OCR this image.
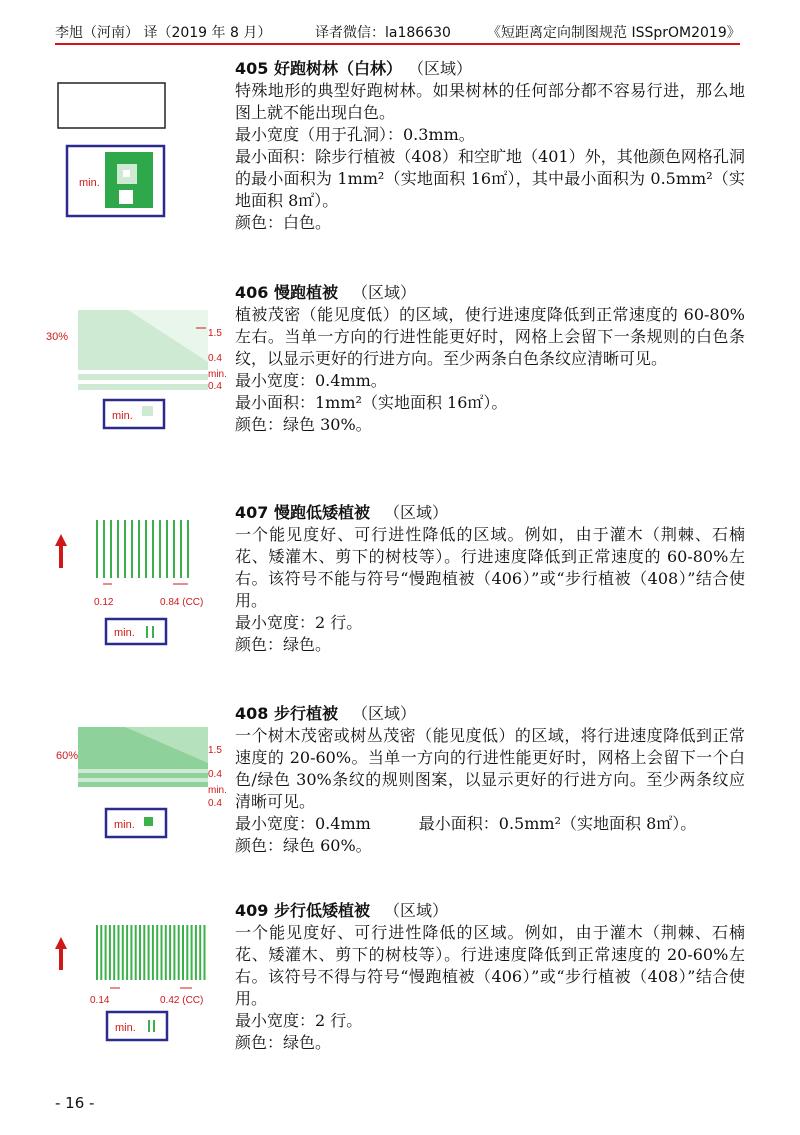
李旭（河南） 译（2019 年 8 月）	译者微信：la186630	《短距离定向制图规范 ISSprOM2019》
min.
405 好跑树林（白林） （区域）
特殊地形的典型好跑树林。如果树林的任何部分都不容易行进，那么地图上就不能出现白色。
最小宽度（用于孔洞）：0.3mm。
最小面积：除步行植被（408）和空旷地（401）外，其他颜色网格孔洞的最小面积为 1mm²（实地面积 16㎡），其中最小面积为 0.5mm²（实地面积 8㎡）。
颜色：白色。
30%	1.5
0.4
min.
0.4
min.
406 慢跑植被 （区域）
植被茂密（能见度低）的区域，使行进速度降低到正常速度的 60-80%左右。当单一方向的行进性能更好时，网格上会留下一条规则的白色条纹，以显示更好的行进方向。至少两条白色条纹应清晰可见。
最小宽度：0.4mm。
最小面积：1mm²（实地面积 16㎡）。
颜色：绿色 30%。
0.12	0.84 (CC)
min.
407 慢跑低矮植被 （区域）
一个能见度好、可行进性降低的区域。例如，由于灌木（荆棘、石楠花、矮灌木、剪下的树枝等）。行进速度降低到正常速度的 60-80%左右。该符号不能与符号“慢跑植被（406）”或“步行植被（408）”结合使用。
最小宽度：2 行。
颜色：绿色。
60%	1.5
0.4
min.
0.4
min.
408 步行植被 （区域）
一个树木茂密或树丛茂密（能见度低）的区域，将行进速度降低到正常速度的 20-60%。当单一方向的行进性能更好时，网格上会留下一个白色/绿色 30%条纹的规则图案，以显示更好的行进方向。至少两条纹应清晰可见。
最小宽度：0.4mm　　　最小面积：0.5mm²（实地面积 8㎡）。
颜色：绿色 60%。
0.14	0.42 (CC)
min.
409 步行低矮植被 （区域）
一个能见度好、可行进性降低的区域。例如，由于灌木（荆棘、石楠花、矮灌木、剪下的树枝等）。行进速度降低到正常速度的 20-60%左右。该符号不得与符号“慢跑植被（406）”或“步行植被（408）”结合使用。
最小宽度：2 行。
颜色：绿色。
- 16 -
